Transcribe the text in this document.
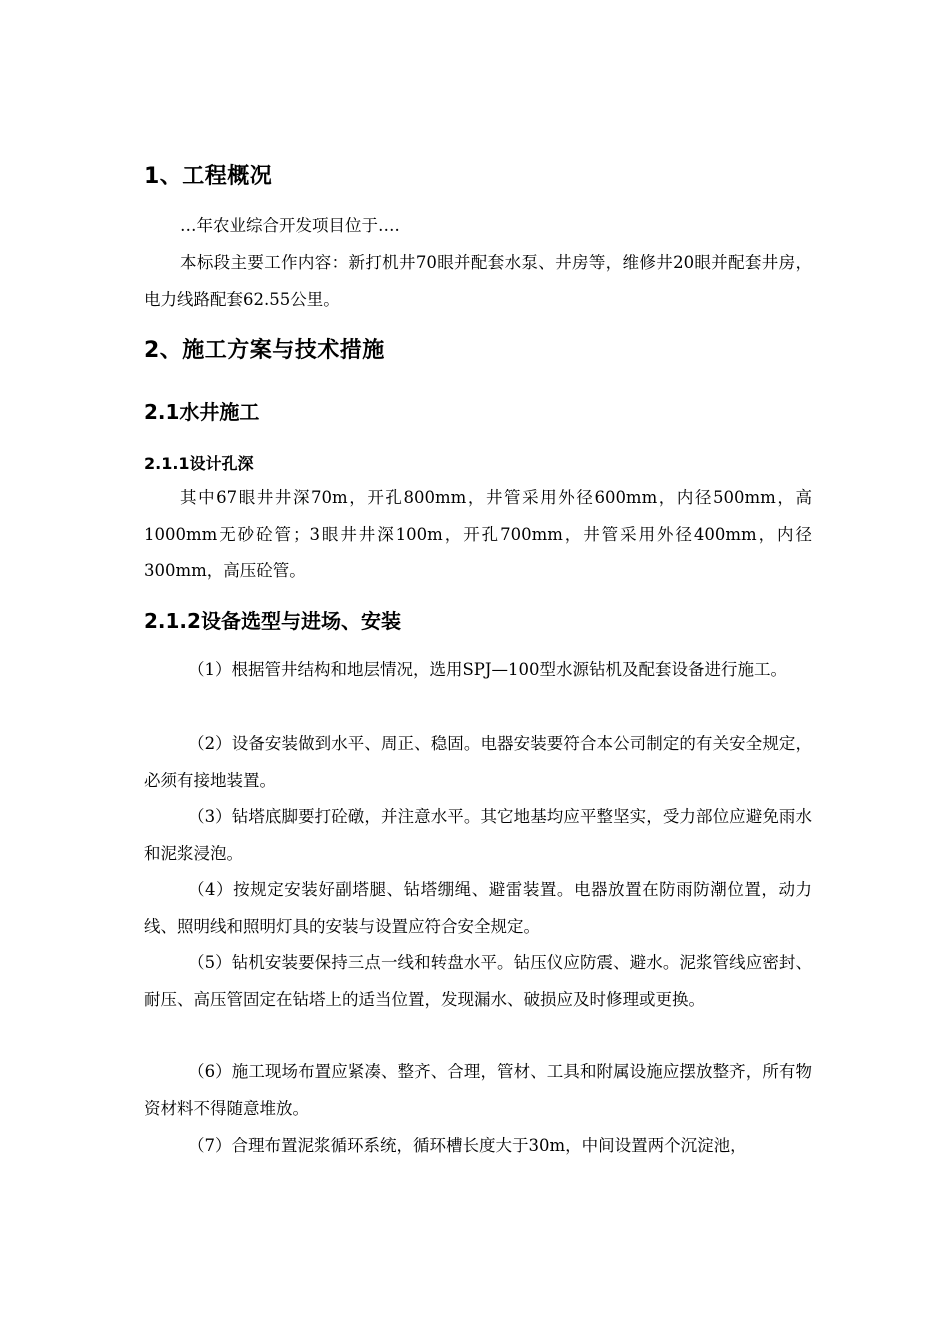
1、工程概况
…年农业综合开发项目位于….
本标段主要工作内容：新打机井70眼并配套水泵、井房等，维修井20眼并配套井房，电力线路配套62.55公里。
2、施工方案与技术措施
2.1水井施工
2.1.1设计孔深
其中67眼井井深70m，开孔800mm，井管采用外径600mm，内径500mm，高1000mm无砂砼管；3眼井井深100m，开孔700mm，井管采用外径400mm，内径300mm，高压砼管。
2.1.2设备选型与进场、安装
（1）根据管井结构和地层情况，选用SPJ—100型水源钻机及配套设备进行施工。
（2）设备安装做到水平、周正、稳固。电器安装要符合本公司制定的有关安全规定，必须有接地装置。
（3）钻塔底脚要打砼礅，并注意水平。其它地基均应平整坚实，受力部位应避免雨水和泥浆浸泡。
（4）按规定安装好副塔腿、钻塔绷绳、避雷装置。电器放置在防雨防潮位置，动力线、照明线和照明灯具的安装与设置应符合安全规定。
（5）钻机安装要保持三点一线和转盘水平。钻压仪应防震、避水。泥浆管线应密封、耐压、高压管固定在钻塔上的适当位置，发现漏水、破损应及时修理或更换。
（6）施工现场布置应紧凑、整齐、合理，管材、工具和附属设施应摆放整齐，所有物资材料不得随意堆放。
（7）合理布置泥浆循环系统，循环槽长度大于30m，中间设置两个沉淀池，
